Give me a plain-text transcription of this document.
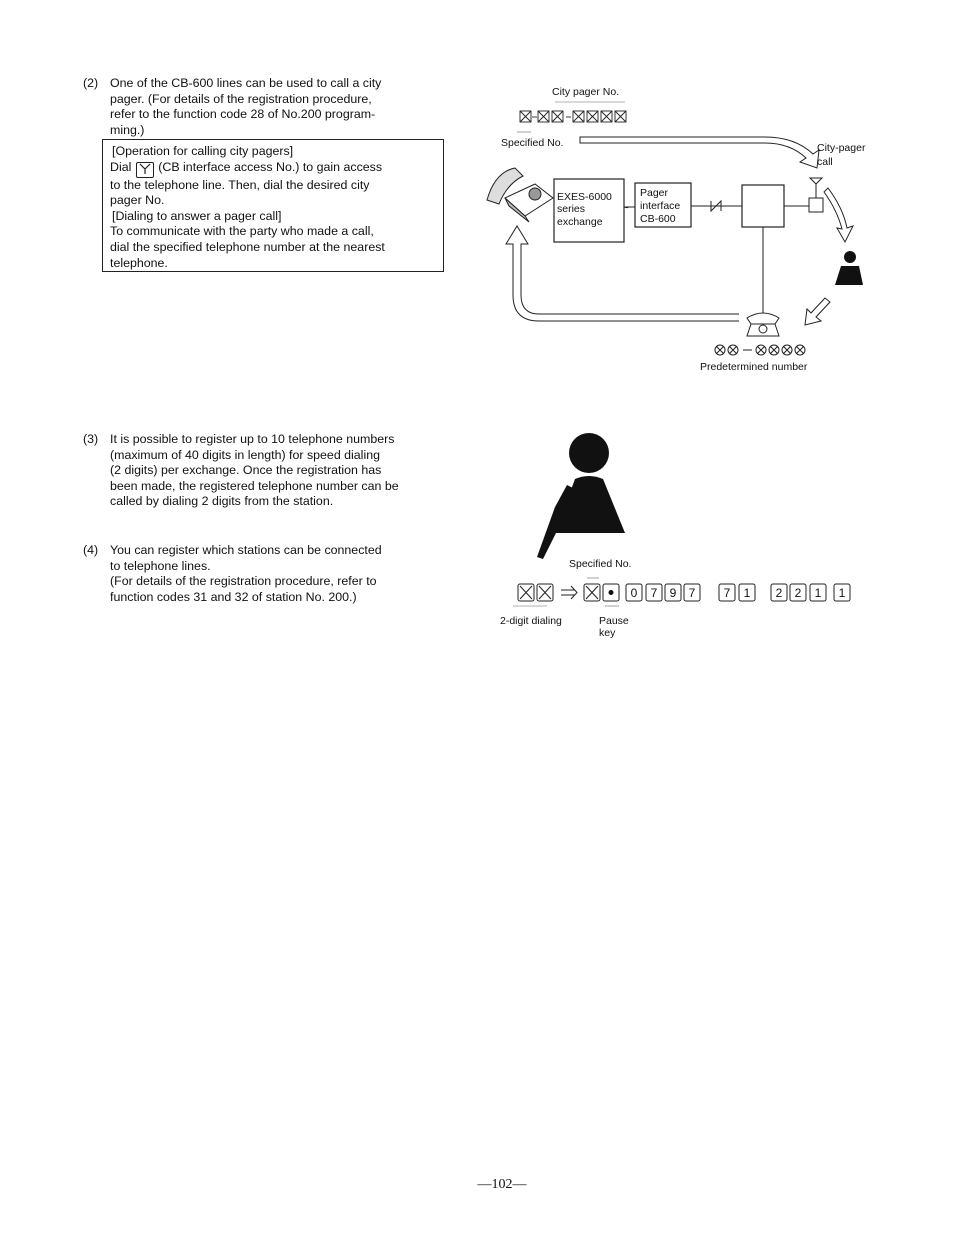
(2) One of the CB-600 lines can be used to call a city
pager. (For details of the registration procedure,
refer to the function code 28 of No.200 program-
ming.)
[Operation for calling city pagers]
Dial (CB interface access No.) to gain access
to the telephone line. Then, dial the desired city
pager No.
[Dialing to answer a pager call]
To communicate with the party who made a call,
dial the specified telephone number at the nearest
telephone.
City pager No.
Specified No.	City-pager
call
EXES-6000
series
exchange
~
Pager
interface
CB-600
Predetermined number
(3) It is possible to register up to 10 telephone numbers
(maximum of 40 digits in length) for speed dialing
(2 digits) per exchange. Once the registration has
been made, the registered telephone number can be
called by dialing 2 digits from the station.
(4) You can register which stations can be connected
to telephone lines.
(For details of the registration procedure, refer to
function codes 31 and 32 of station No. 200.)
Specified No.
0 7 9 7 7 1 2 2 1 1
2-digit dialing	Pause
key
—102—
